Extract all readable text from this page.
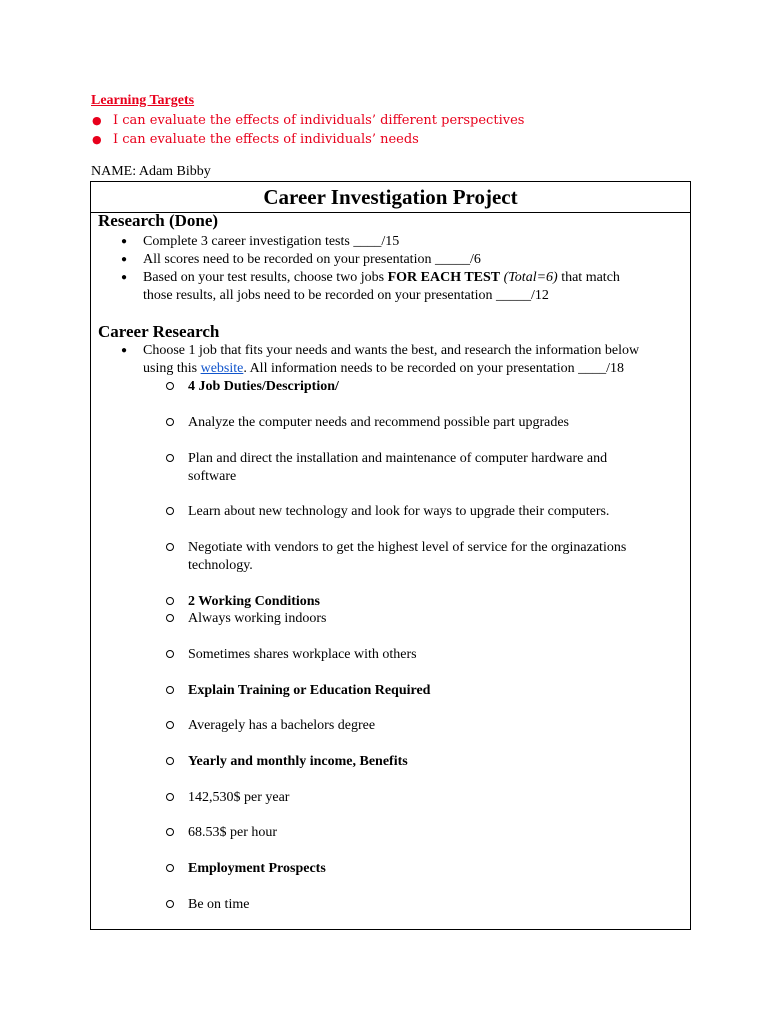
Learning Targets
● I can evaluate the effects of individuals’ different perspectives
● I can evaluate the effects of individuals’ needs
NAME: Adam Bibby
Career Investigation Project
Research (Done)
● Complete 3 career investigation tests ____/15
● All scores need to be recorded on your presentation _____/6
● Based on your test results, choose two jobs FOR EACH TEST (Total=6) that match
those results, all jobs need to be recorded on your presentation _____/12
Career Research
● Choose 1 job that fits your needs and wants the best, and research the information below
using this website. All information needs to be recorded on your presentation ____/18
4 Job Duties/Description/
Analyze the computer needs and recommend possible part upgrades
Plan and direct the installation and maintenance of computer hardware and
software
Learn about new technology and look for ways to upgrade their computers.
Negotiate with vendors to get the highest level of service for the orginazations
technology.
2 Working Conditions
Always working indoors
Sometimes shares workplace with others
Explain Training or Education Required
Averagely has a bachelors degree
Yearly and monthly income, Benefits
142,530$ per year
68.53$ per hour
Employment Prospects
Be on time
